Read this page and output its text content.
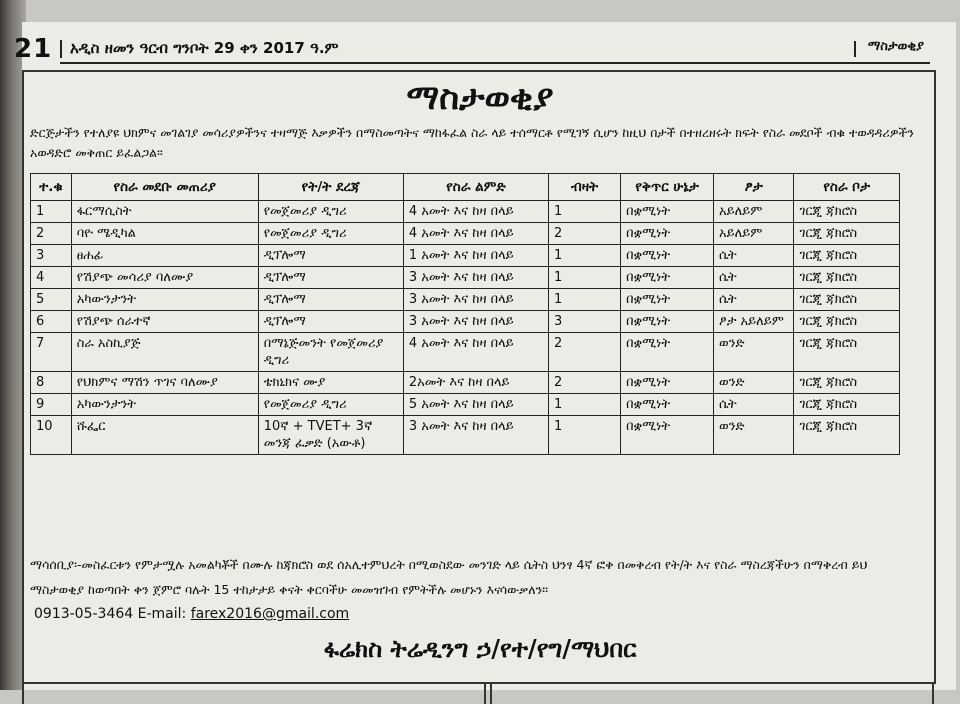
21 አዲስ ዘመን ዓርብ ግንቦት 29 ቀን 2017 ዓ.ም	ማስታወቂያ
ማስታወቂያ
ድርጅታችን የተለያዩ ህክምና መገልገያ መሳሪያዎችንና ተዛማጅ እቃዎችን በማስመጣትና ማከፋፈል ስራ ላይ ተሰማርቶ የሚገኝ ሲሆን ከዚህ በታች በተዘረዘሩት ክፍት የስራ መደቦች ብቁ ተወዳዳሪዎችን አወዳድሮ መቅጠር ይፈልጋል፡፡
ተ.ቁ	የስራ መደቡ መጠሪያ	የት/ት ደረጃ	የስራ ልምድ	ብዛት	የቅጥር ሁኔታ	ፆታ	የስራ ቦታ
1	ፋርማሲስት	የመጀመሪያ ዲግሪ	4 አመት እና ከዛ በላይ	1	በቋሚነት	አይለይም	ገርጂ ጃክሮስ
2	ባዮ ሜዲካል	የመጀመሪያ ዲግሪ	4 አመት እና ከዛ በላይ	2	በቋሚነት	አይለይም	ገርጂ ጃክሮስ
3	ፀሐፊ	ዲፕሎማ	1 አመት እና ከዛ በላይ	1	በቋሚነት	ሴት	ገርጂ ጃክሮስ
4	የሽያጭ መሳሪያ ባለሙያ	ዲፕሎማ	3 አመት እና ከዛ በላይ	1	በቋሚነት	ሴት	ገርጂ ጃክሮስ
5	አካውንታንት	ዲፕሎማ	3 አመት እና ከዛ በላይ	1	በቋሚነት	ሴት	ገርጂ ጃክሮስ
6	የሽያጭ ሰራተኛ	ዲፕሎማ	3 አመት እና ከዛ በላይ	3	በቋሚነት	ፆታ አይለይም	ገርጂ ጃክሮስ
7	ስራ አስኪያጅ	በማኔጅመንት የመጀመሪያ ዲግሪ	4 አመት እና ከዛ በላይ	2	በቋሚነት	ወንድ	ገርጂ ጃክሮስ
8	የህክምና ማሽን ጥገና ባለሙያ	ቴክኒክና ሙያ	2አመት እና ከዛ በላይ	2	በቋሚነት	ወንድ	ገርጂ ጃክሮስ
9	አካውንታንት	የመጀመሪያ ዲግሪ	5 አመት እና ከዛ በላይ	1	በቋሚነት	ሴት	ገርጂ ጃክሮስ
10	ሹፌር	10ኛ + TVET+ 3ኛ መንጃ ፈቃድ (አውቶ)	3 አመት እና ከዛ በላይ	1	በቋሚነት	ወንድ	ገርጂ ጃክሮስ
ማሳሰቢያ፡-መስፈርቱን የምታሟሉ አመልካቾች በሙሉ ከጃክሮስ ወደ ሰአሊተምህረት በሚወስደው መንገድ ላይ ሴትስ ህንፃ 4ኛ ፎቅ በመቅረብ የት/ት እና የስራ ማስረጃችሁን በማቅረብ ይህ ማስታወቂያ ከወጣበት ቀን ጀምሮ ባሉት 15 ተከታታይ ቀናት ቀርባችሁ መመዝገብ የምትችሉ መሆኑን እናሳውቃለን፡፡
0913-05-3464 E-mail: farex2016@gmail.com
ፋሬክስ ትሬዲንግ ኃ/የተ/የግ/ማህበር
